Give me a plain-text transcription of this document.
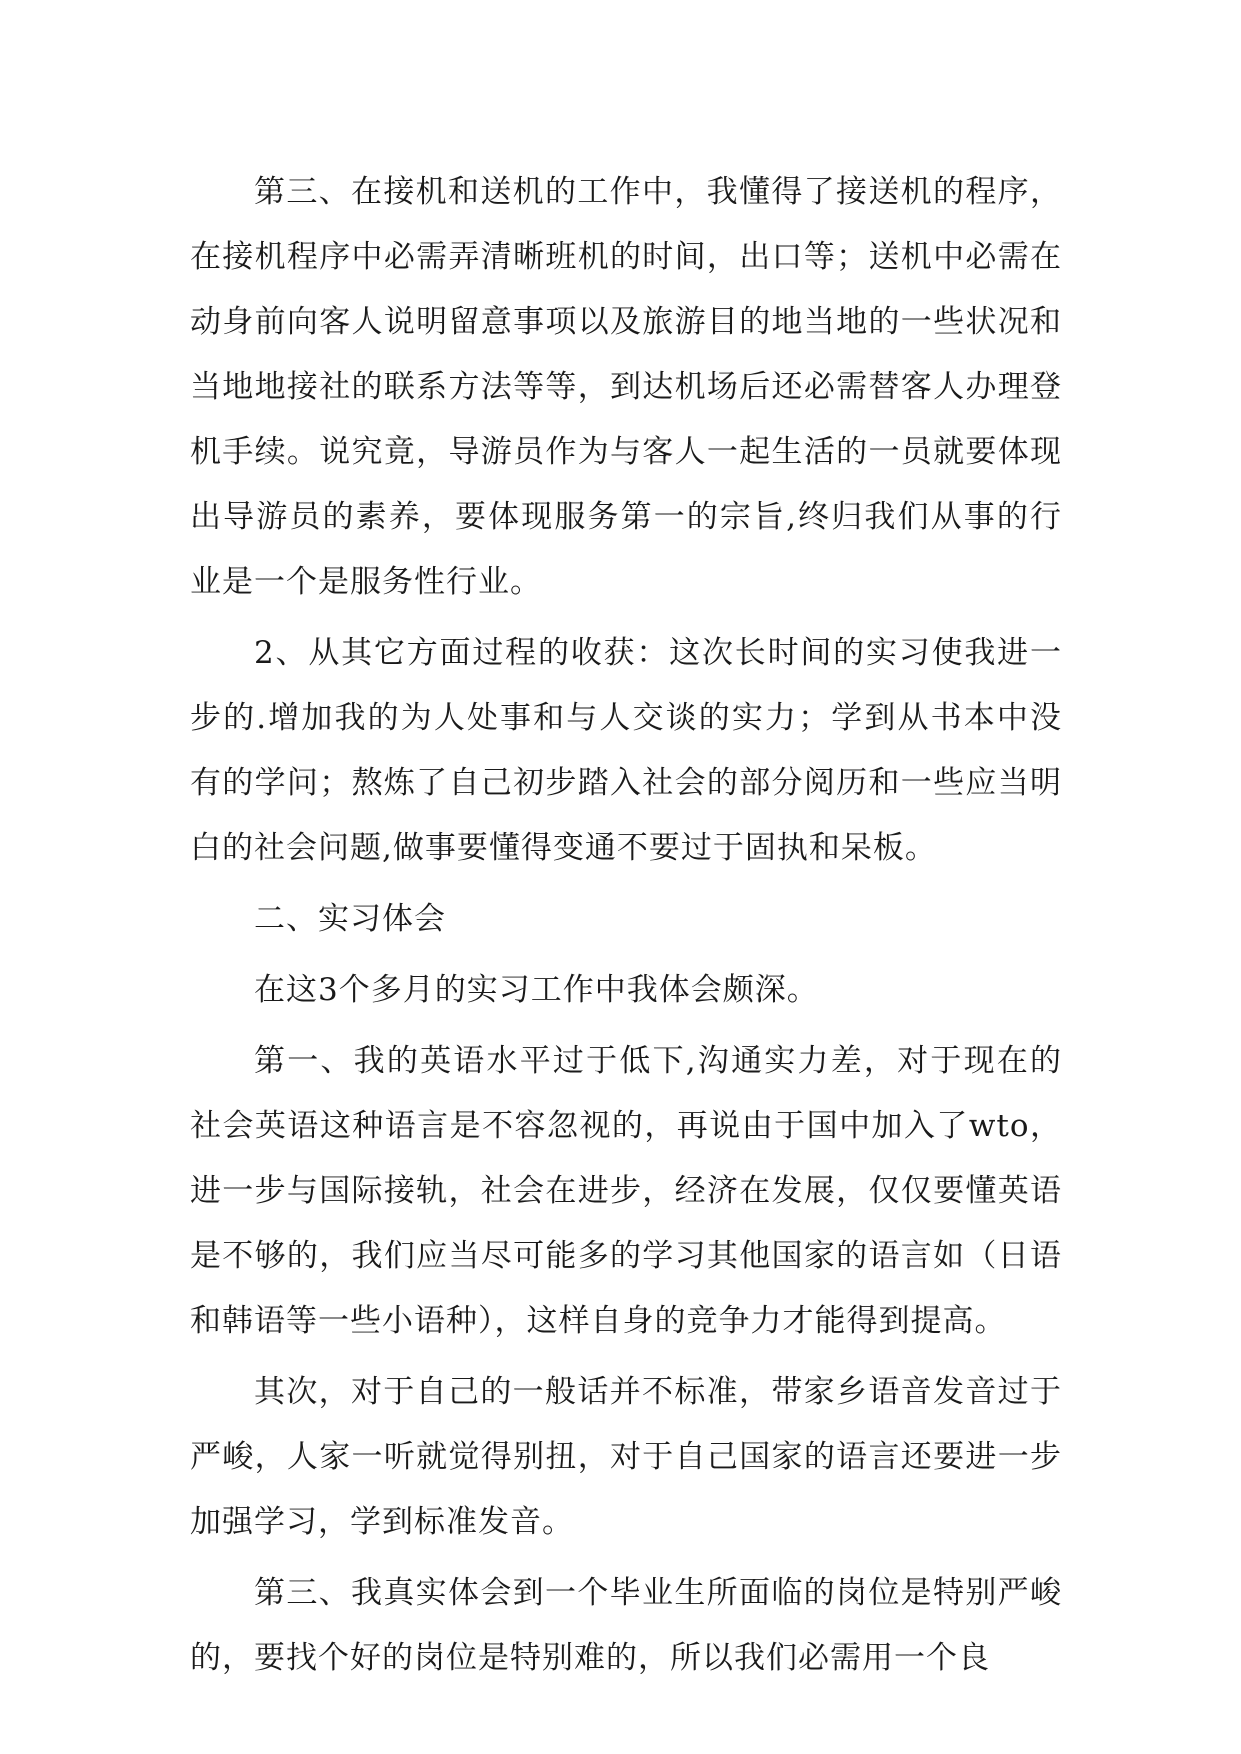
第三、在接机和送机的工作中，我懂得了接送机的程序，在接机程序中必需弄清晰班机的时间，出口等；送机中必需在动身前向客人说明留意事项以及旅游目的地当地的一些状况和当地地接社的联系方法等等，到达机场后还必需替客人办理登机手续。说究竟，导游员作为与客人一起生活的一员就要体现出导游员的素养，要体现服务第一的宗旨,终归我们从事的行业是一个是服务性行业。

2、从其它方面过程的收获：这次长时间的实习使我进一步的.增加我的为人处事和与人交谈的实力；学到从书本中没有的学问；熬炼了自己初步踏入社会的部分阅历和一些应当明白的社会问题,做事要懂得变通不要过于固执和呆板。

二、实习体会

在这3个多月的实习工作中我体会颇深。

第一、我的英语水平过于低下,沟通实力差，对于现在的社会英语这种语言是不容忽视的，再说由于国中加入了wto，进一步与国际接轨，社会在进步，经济在发展，仅仅要懂英语是不够的，我们应当尽可能多的学习其他国家的语言如（日语和韩语等一些小语种），这样自身的竞争力才能得到提高。

其次，对于自己的一般话并不标准，带家乡语音发音过于严峻，人家一听就觉得别扭，对于自己国家的语言还要进一步加强学习，学到标准发音。

第三、我真实体会到一个毕业生所面临的岗位是特别严峻的，要找个好的岗位是特别难的，所以我们必需用一个良
